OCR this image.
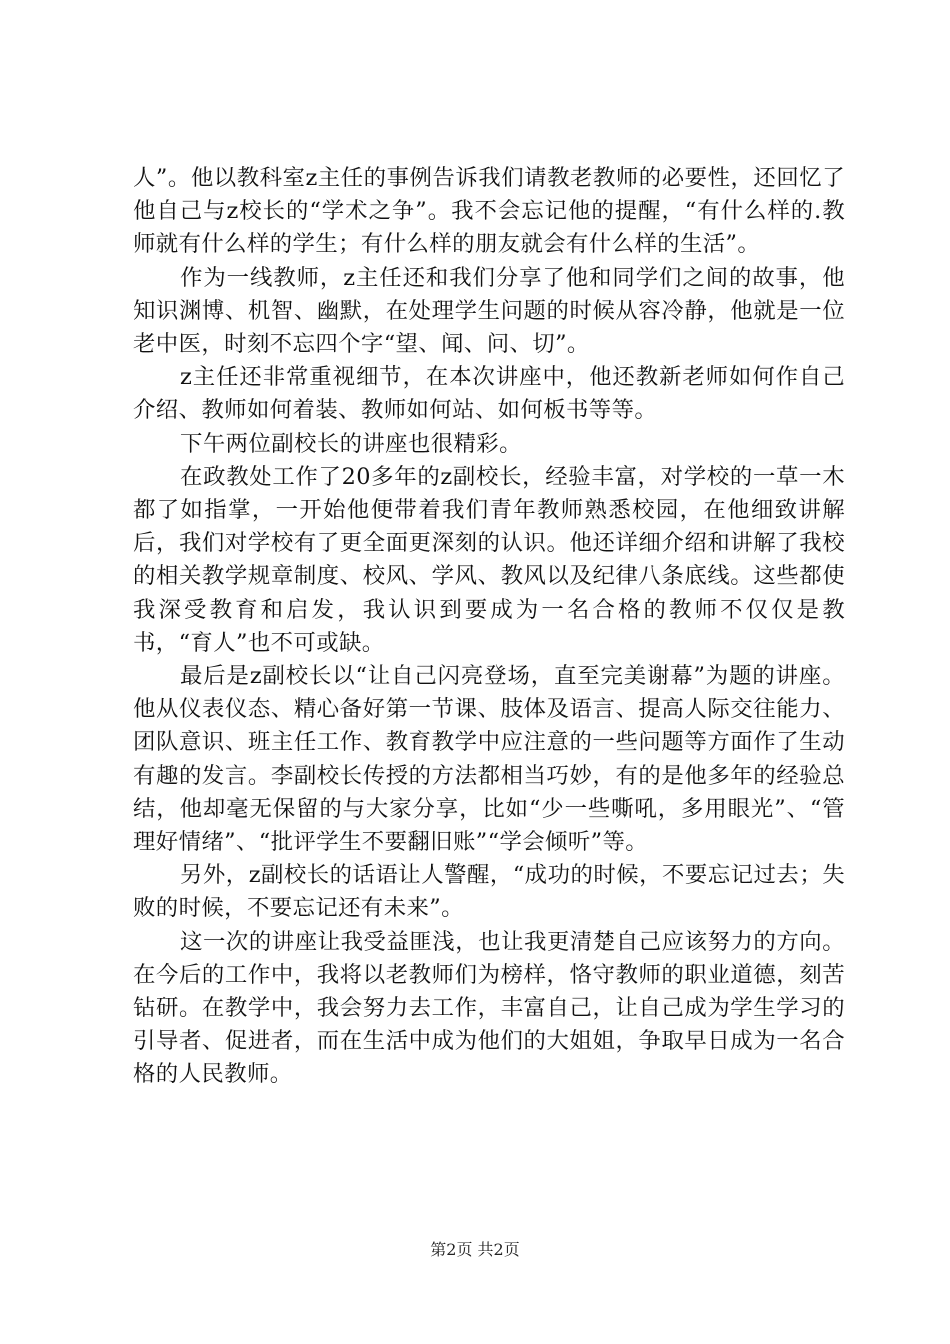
人”。他以教科室z主任的事例告诉我们请教老教师的必要性，还回忆了他自己与z校长的“学术之争”。我不会忘记他的提醒，“有什么样的.教师就有什么样的学生；有什么样的朋友就会有什么样的生活”。

作为一线教师，z主任还和我们分享了他和同学们之间的故事，他知识渊博、机智、幽默，在处理学生问题的时候从容冷静，他就是一位老中医，时刻不忘四个字“望、闻、问、切”。

z主任还非常重视细节，在本次讲座中，他还教新老师如何作自己介绍、教师如何着装、教师如何站、如何板书等等。

下午两位副校长的讲座也很精彩。

在政教处工作了20多年的z副校长，经验丰富，对学校的一草一木都了如指掌，一开始他便带着我们青年教师熟悉校园，在他细致讲解后，我们对学校有了更全面更深刻的认识。他还详细介绍和讲解了我校的相关教学规章制度、校风、学风、教风以及纪律八条底线。这些都使我深受教育和启发，我认识到要成为一名合格的教师不仅仅是教书，“育人”也不可或缺。

最后是z副校长以“让自己闪亮登场，直至完美谢幕”为题的讲座。他从仪表仪态、精心备好第一节课、肢体及语言、提高人际交往能力、团队意识、班主任工作、教育教学中应注意的一些问题等方面作了生动有趣的发言。李副校长传授的方法都相当巧妙，有的是他多年的经验总结，他却毫无保留的与大家分享，比如“少一些嘶吼，多用眼光”、“管理好情绪”、“批评学生不要翻旧账”“学会倾听”等。

另外，z副校长的话语让人警醒，“成功的时候，不要忘记过去；失败的时候，不要忘记还有未来”。

这一次的讲座让我受益匪浅，也让我更清楚自己应该努力的方向。在今后的工作中，我将以老教师们为榜样，恪守教师的职业道德，刻苦钻研。在教学中，我会努力去工作，丰富自己，让自己成为学生学习的引导者、促进者，而在生活中成为他们的大姐姐，争取早日成为一名合格的人民教师。

第2页 共2页
